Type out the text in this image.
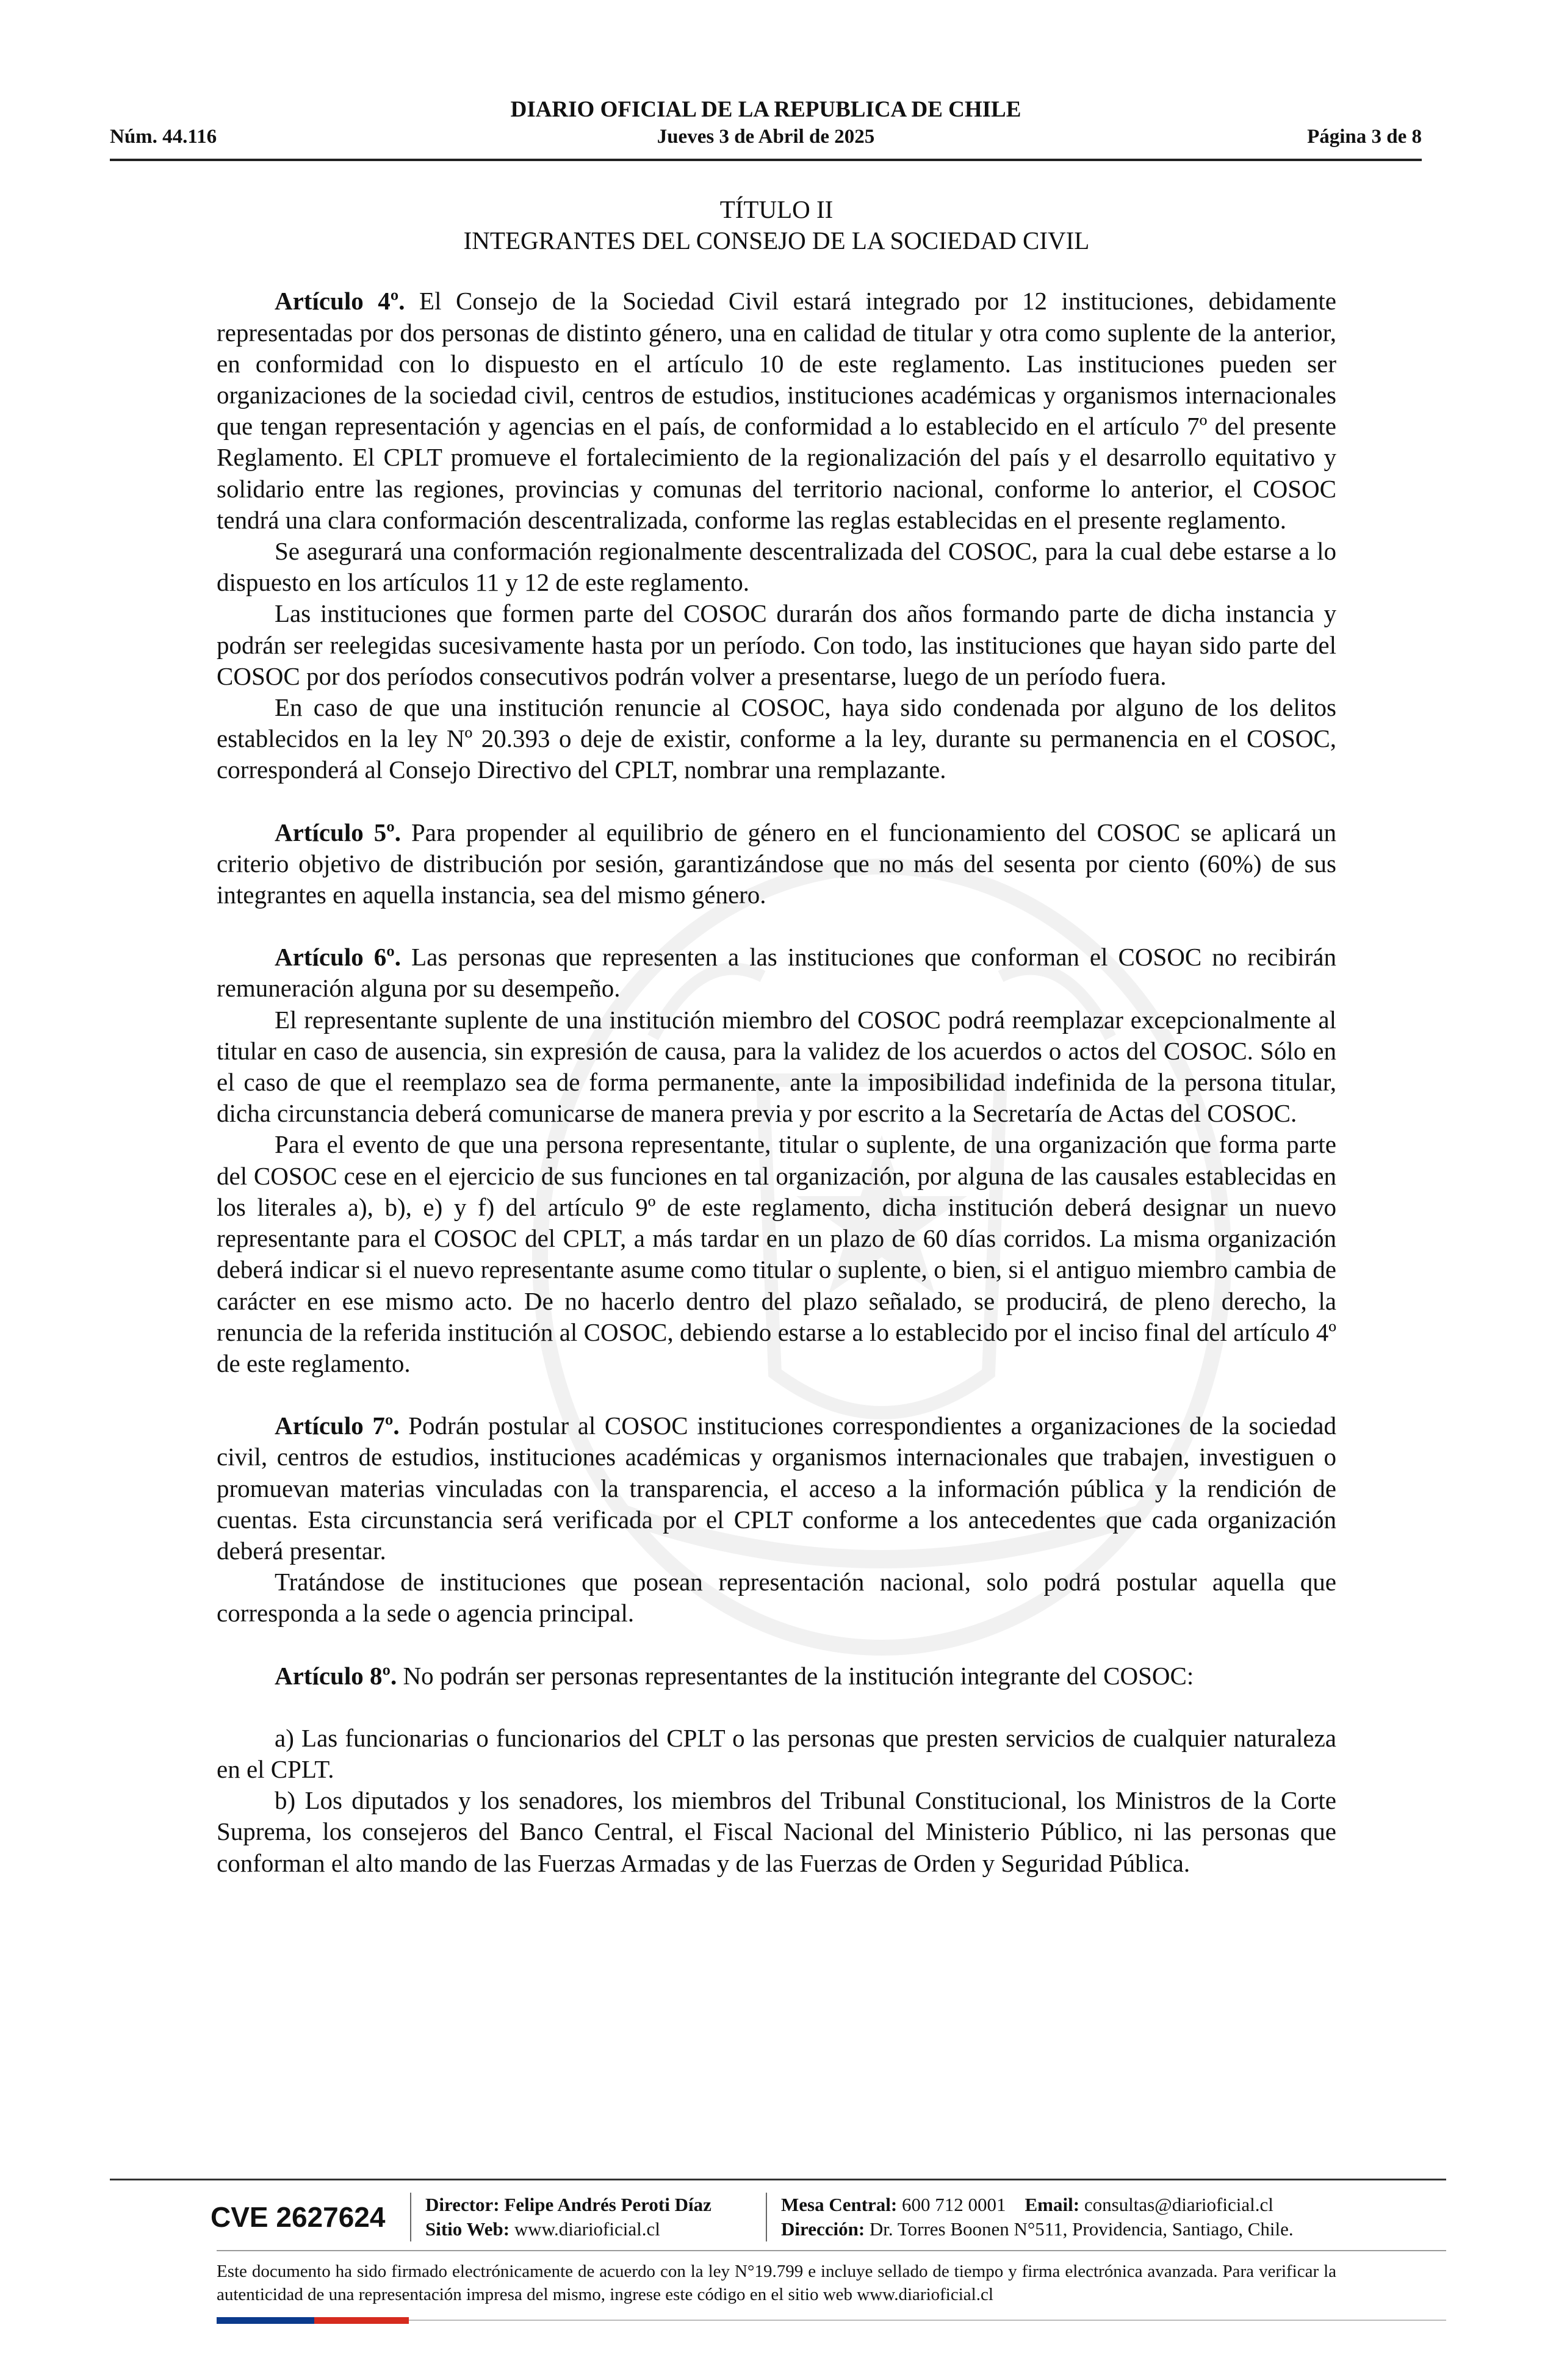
DIARIO OFICIAL DE LA REPUBLICA DE CHILE
Núm. 44.116	Jueves 3 de Abril de 2025	Página 3 de 8
TÍTULO II
INTEGRANTES DEL CONSEJO DE LA SOCIEDAD CIVIL

Artículo 4º. El Consejo de la Sociedad Civil estará integrado por 12 instituciones, debidamente representadas por dos personas de distinto género, una en calidad de titular y otra como suplente de la anterior, en conformidad con lo dispuesto en el artículo 10 de este reglamento. Las instituciones pueden ser organizaciones de la sociedad civil, centros de estudios, instituciones académicas y organismos internacionales que tengan representación y agencias en el país, de conformidad a lo establecido en el artículo 7º del presente Reglamento. El CPLT promueve el fortalecimiento de la regionalización del país y el desarrollo equitativo y solidario entre las regiones, provincias y comunas del territorio nacional, conforme lo anterior, el COSOC tendrá una clara conformación descentralizada, conforme las reglas establecidas en el presente reglamento.

Se asegurará una conformación regionalmente descentralizada del COSOC, para la cual debe estarse a lo dispuesto en los artículos 11 y 12 de este reglamento.

Las instituciones que formen parte del COSOC durarán dos años formando parte de dicha instancia y podrán ser reelegidas sucesivamente hasta por un período. Con todo, las instituciones que hayan sido parte del COSOC por dos períodos consecutivos podrán volver a presentarse, luego de un período fuera.

En caso de que una institución renuncie al COSOC, haya sido condenada por alguno de los delitos establecidos en la ley Nº 20.393 o deje de existir, conforme a la ley, durante su permanencia en el COSOC, corresponderá al Consejo Directivo del CPLT, nombrar una remplazante.

Artículo 5º. Para propender al equilibrio de género en el funcionamiento del COSOC se aplicará un criterio objetivo de distribución por sesión, garantizándose que no más del sesenta por ciento (60%) de sus integrantes en aquella instancia, sea del mismo género.

Artículo 6º. Las personas que representen a las instituciones que conforman el COSOC no recibirán remuneración alguna por su desempeño.

El representante suplente de una institución miembro del COSOC podrá reemplazar excepcionalmente al titular en caso de ausencia, sin expresión de causa, para la validez de los acuerdos o actos del COSOC. Sólo en el caso de que el reemplazo sea de forma permanente, ante la imposibilidad indefinida de la persona titular, dicha circunstancia deberá comunicarse de manera previa y por escrito a la Secretaría de Actas del COSOC.

Para el evento de que una persona representante, titular o suplente, de una organización que forma parte del COSOC cese en el ejercicio de sus funciones en tal organización, por alguna de las causales establecidas en los literales a), b), e) y f) del artículo 9º de este reglamento, dicha institución deberá designar un nuevo representante para el COSOC del CPLT, a más tardar en un plazo de 60 días corridos. La misma organización deberá indicar si el nuevo representante asume como titular o suplente, o bien, si el antiguo miembro cambia de carácter en ese mismo acto. De no hacerlo dentro del plazo señalado, se producirá, de pleno derecho, la renuncia de la referida institución al COSOC, debiendo estarse a lo establecido por el inciso final del artículo 4º de este reglamento.

Artículo 7º. Podrán postular al COSOC instituciones correspondientes a organizaciones de la sociedad civil, centros de estudios, instituciones académicas y organismos internacionales que trabajen, investiguen o promuevan materias vinculadas con la transparencia, el acceso a la información pública y la rendición de cuentas. Esta circunstancia será verificada por el CPLT conforme a los antecedentes que cada organización deberá presentar.

Tratándose de instituciones que posean representación nacional, solo podrá postular aquella que corresponda a la sede o agencia principal.

Artículo 8º. No podrán ser personas representantes de la institución integrante del COSOC:

a) Las funcionarias o funcionarios del CPLT o las personas que presten servicios de cualquier naturaleza en el CPLT.

b) Los diputados y los senadores, los miembros del Tribunal Constitucional, los Ministros de la Corte Suprema, los consejeros del Banco Central, el Fiscal Nacional del Ministerio Público, ni las personas que conforman el alto mando de las Fuerzas Armadas y de las Fuerzas de Orden y Seguridad Pública.

CVE 2627624 Director: Felipe Andrés Peroti Díaz
Sitio Web: www.diarioficial.cl
Mesa Central: 600 712 0001 Email: consultas@diarioficial.cl
Dirección: Dr. Torres Boonen N°511, Providencia, Santiago, Chile.
Este documento ha sido firmado electrónicamente de acuerdo con la ley N°19.799 e incluye sellado de tiempo y firma electrónica avanzada. Para verificar la autenticidad de una representación impresa del mismo, ingrese este código en el sitio web www.diarioficial.cl
